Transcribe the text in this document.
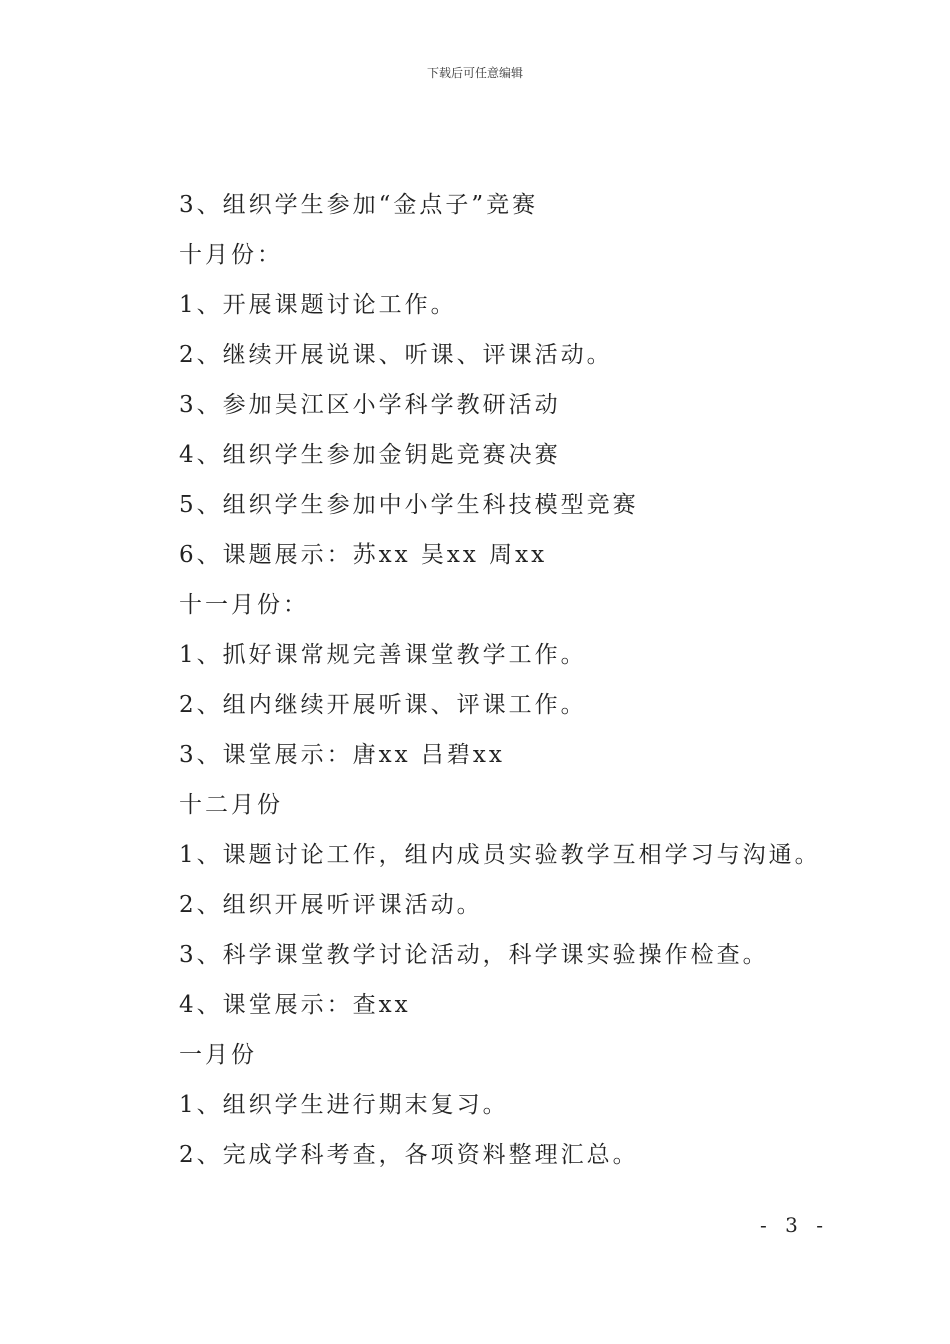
下载后可任意编辑
3、组织学生参加“金点子”竞赛
十月份：
1、开展课题讨论工作。
2、继续开展说课、听课、评课活动。
3、参加吴江区小学科学教研活动
4、组织学生参加金钥匙竞赛决赛
5、组织学生参加中小学生科技模型竞赛
6、课题展示：苏xx 吴xx 周xx
十一月份：
1、抓好课常规完善课堂教学工作。
2、组内继续开展听课、评课工作。
3、课堂展示：唐xx 吕碧xx
十二月份
1、课题讨论工作，组内成员实验教学互相学习与沟通。
2、组织开展听评课活动。
3、科学课堂教学讨论活动，科学课实验操作检查。
4、课堂展示：查xx
一月份
1、组织学生进行期末复习。
2、完成学科考查，各项资料整理汇总。
- 3 -
